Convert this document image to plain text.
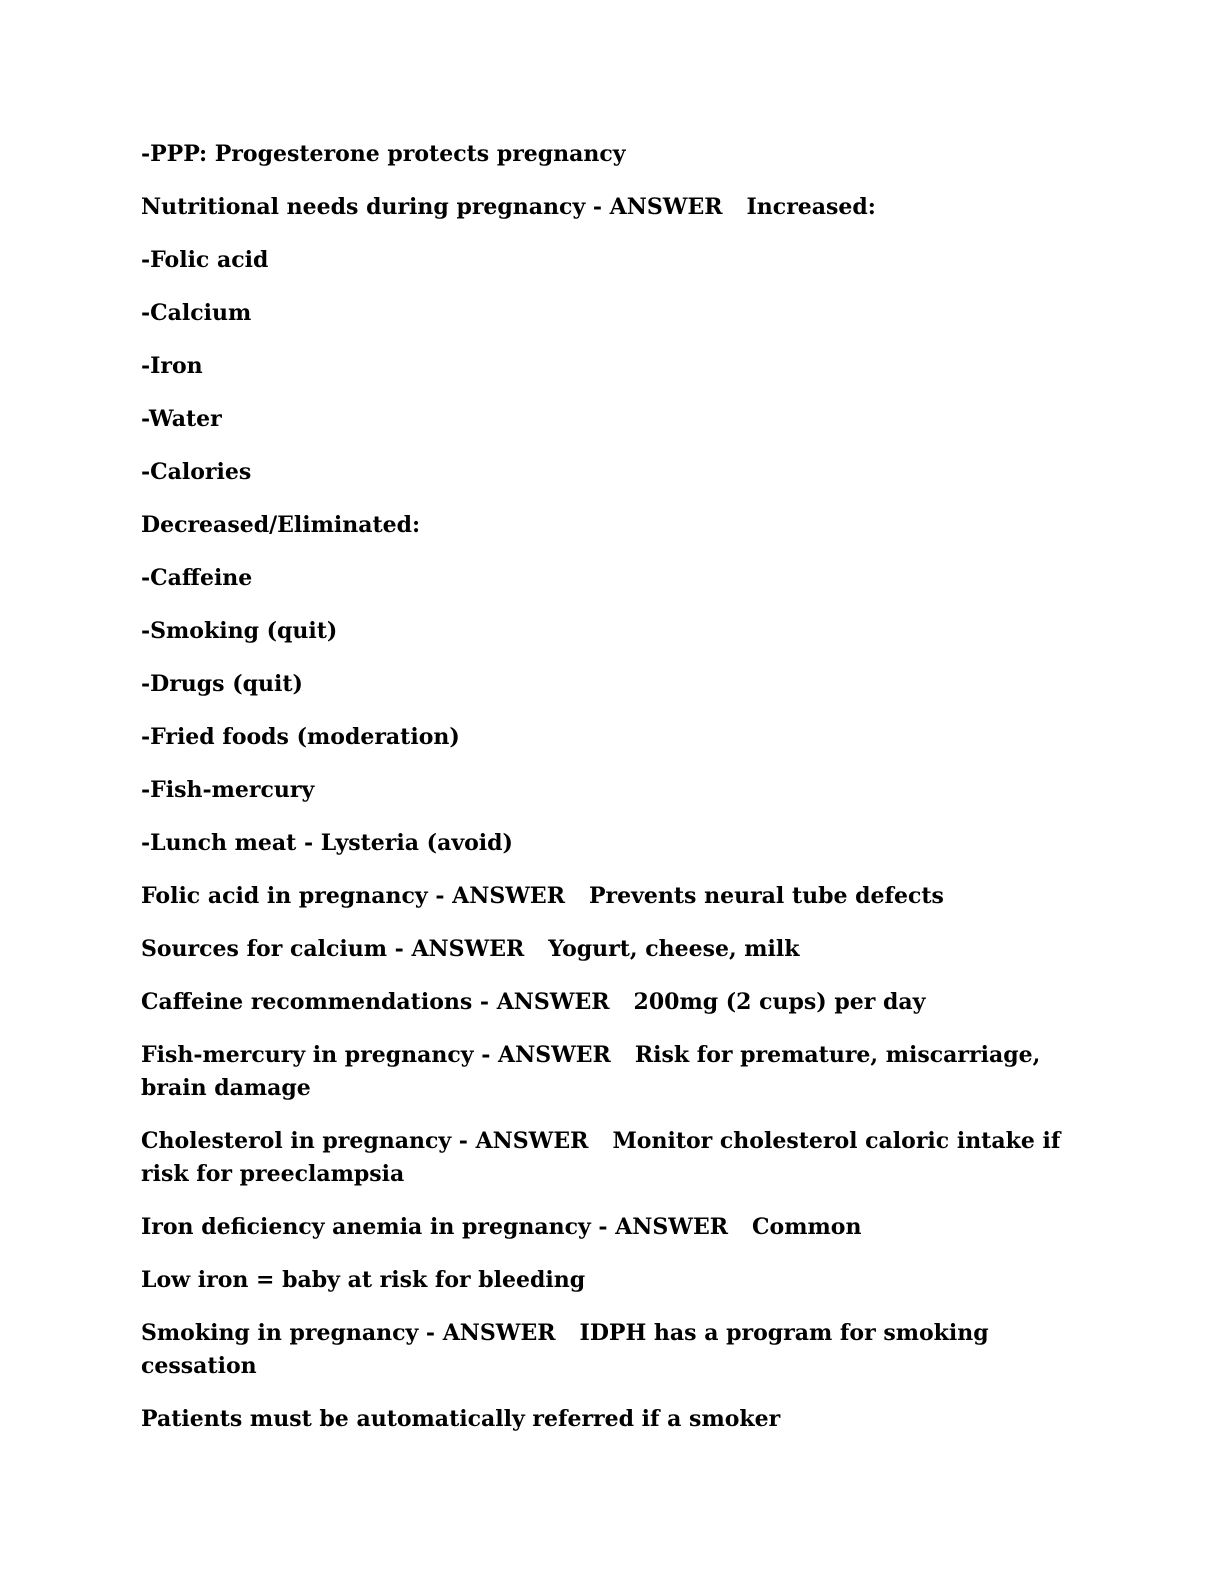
-PPP: Progesterone protects pregnancy

Nutritional needs during pregnancy - ANSWER Increased:

-Folic acid

-Calcium

-Iron

-Water

-Calories

Decreased/Eliminated:

-Caffeine

-Smoking (quit)

-Drugs (quit)

-Fried foods (moderation)

-Fish-mercury

-Lunch meat - Lysteria (avoid)

Folic acid in pregnancy - ANSWER Prevents neural tube defects

Sources for calcium - ANSWER Yogurt, cheese, milk

Caffeine recommendations - ANSWER 200mg (2 cups) per day

Fish-mercury in pregnancy - ANSWER Risk for premature, miscarriage, brain damage

Cholesterol in pregnancy - ANSWER Monitor cholesterol caloric intake if risk for preeclampsia

Iron deficiency anemia in pregnancy - ANSWER Common

Low iron = baby at risk for bleeding

Smoking in pregnancy - ANSWER IDPH has a program for smoking cessation

Patients must be automatically referred if a smoker
